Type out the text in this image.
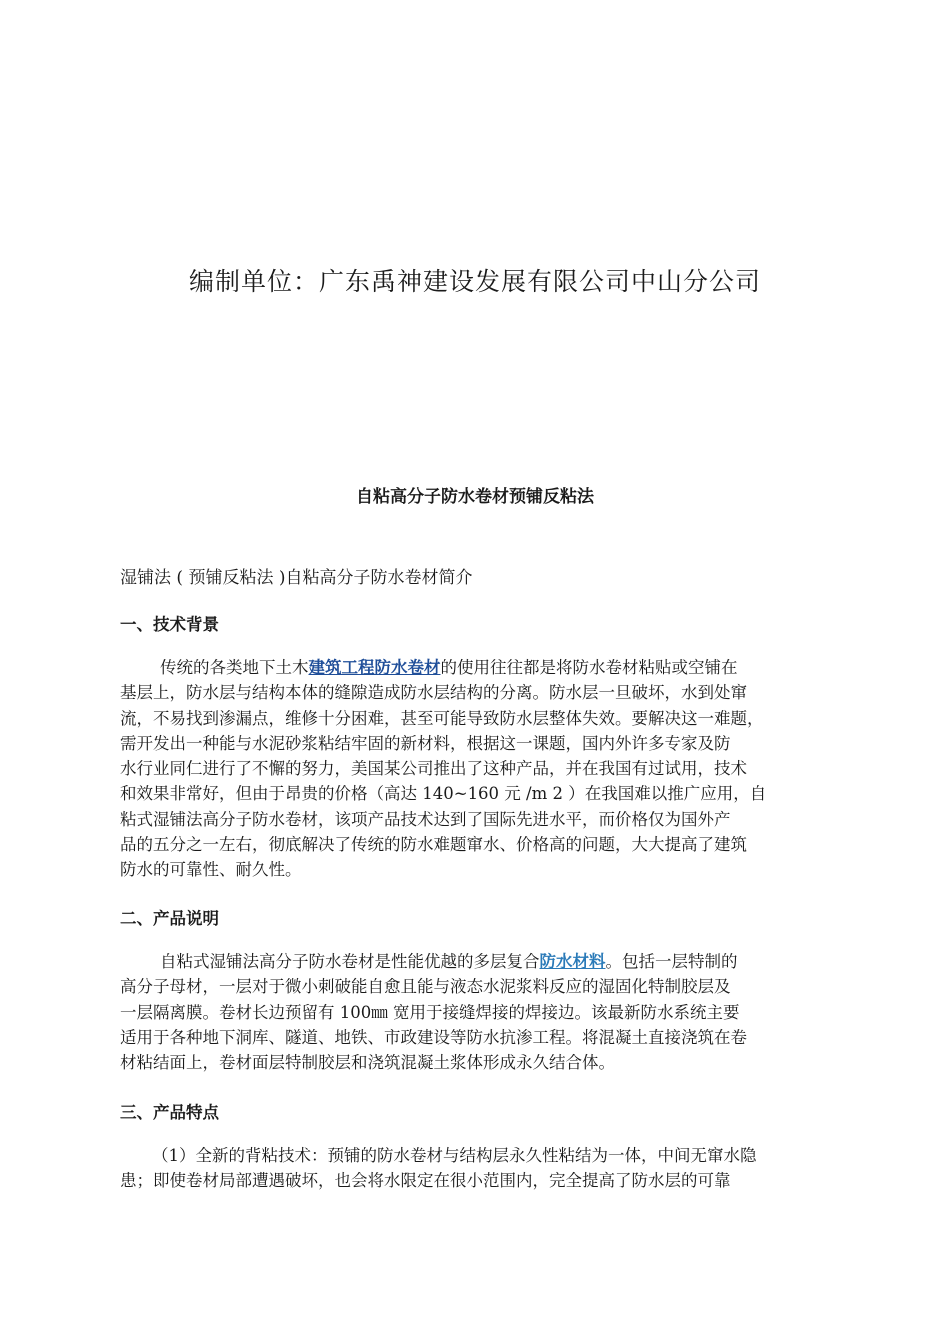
编制单位：广东禹神建设发展有限公司中山分公司
自粘高分子防水卷材预铺反粘法
湿铺法 ( 预铺反粘法 )自粘高分子防水卷材简介
一、技术背景
传统的各类地下土木建筑工程防水卷材的使用往往都是将防水卷材粘贴或空铺在
基层上，防水层与结构本体的缝隙造成防水层结构的分离。防水层一旦破坏，水到处窜
流，不易找到渗漏点，维修十分困难，甚至可能导致防水层整体失效。要解决这一难题，
需开发出一种能与水泥砂浆粘结牢固的新材料，根据这一课题，国内外许多专家及防
水行业同仁进行了不懈的努力，美国某公司推出了这种产品，并在我国有过试用，技术
和效果非常好，但由于昂贵的价格（高达 140~160 元 /m 2 ）在我国难以推广应用，自
粘式湿铺法高分子防水卷材，该项产品技术达到了国际先进水平，而价格仅为国外产
品的五分之一左右，彻底解决了传统的防水难题窜水、价格高的问题，大大提高了建筑
防水的可靠性、耐久性。
二、产品说明
自粘式湿铺法高分子防水卷材是性能优越的多层复合防水材料。包括一层特制的
高分子母材，一层对于微小刺破能自愈且能与液态水泥浆料反应的湿固化特制胶层及
一层隔离膜。卷材长边预留有 100㎜ 宽用于接缝焊接的焊接边。该最新防水系统主要
适用于各种地下洞库、隧道、地铁、市政建设等防水抗渗工程。将混凝土直接浇筑在卷
材粘结面上，卷材面层特制胶层和浇筑混凝土浆体形成永久结合体。
三、产品特点
（1）全新的背粘技术：预铺的防水卷材与结构层永久性粘结为一体，中间无窜水隐
患；即使卷材局部遭遇破坏，也会将水限定在很小范围内，完全提高了防水层的可靠
